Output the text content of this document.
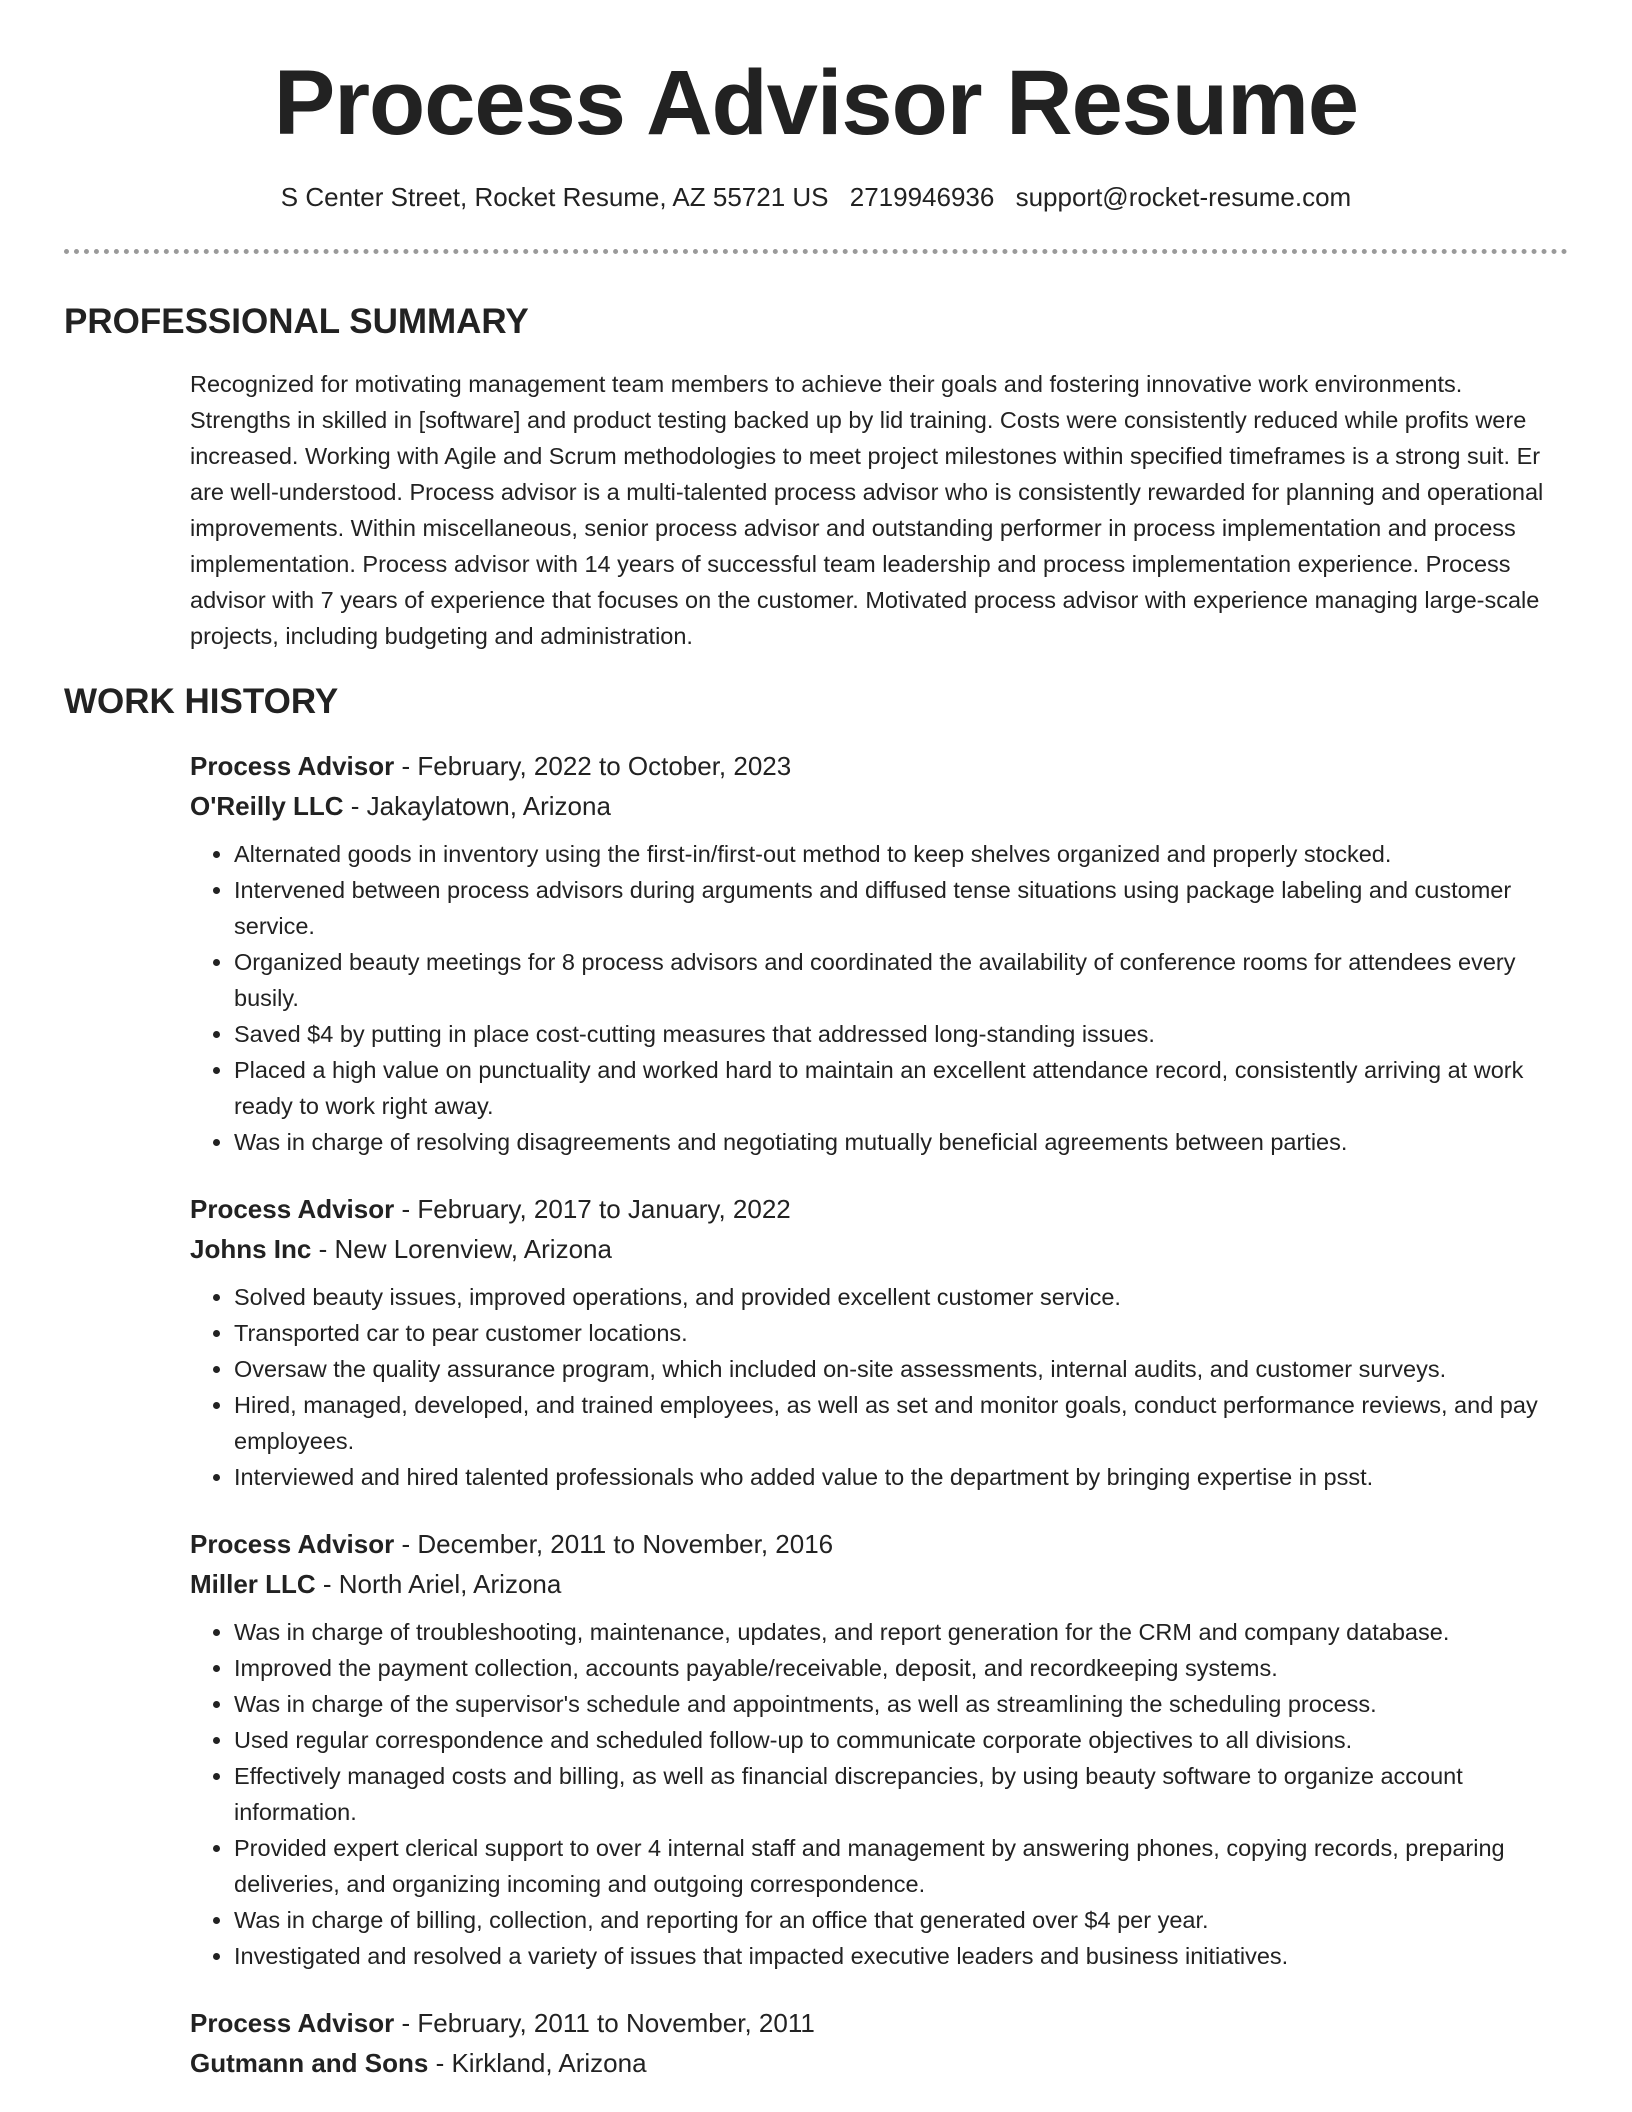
Process Advisor Resume
S Center Street, Rocket Resume, AZ 55721 US 2719946936 support@rocket-resume.com
PROFESSIONAL SUMMARY
Recognized for motivating management team members to achieve their goals and fostering innovative work environments. Strengths in skilled in [software] and product testing backed up by lid training. Costs were consistently reduced while profits were increased. Working with Agile and Scrum methodologies to meet project milestones within specified timeframes is a strong suit. Er are well-understood. Process advisor is a multi-talented process advisor who is consistently rewarded for planning and operational improvements. Within miscellaneous, senior process advisor and outstanding performer in process implementation and process implementation. Process advisor with 14 years of successful team leadership and process implementation experience. Process advisor with 7 years of experience that focuses on the customer. Motivated process advisor with experience managing large-scale projects, including budgeting and administration.
WORK HISTORY
Process Advisor - February, 2022 to October, 2023
O'Reilly LLC - Jakaylatown, Arizona
• Alternated goods in inventory using the first-in/first-out method to keep shelves organized and properly stocked.
• Intervened between process advisors during arguments and diffused tense situations using package labeling and customer service.
• Organized beauty meetings for 8 process advisors and coordinated the availability of conference rooms for attendees every busily.
• Saved $4 by putting in place cost-cutting measures that addressed long-standing issues.
• Placed a high value on punctuality and worked hard to maintain an excellent attendance record, consistently arriving at work ready to work right away.
• Was in charge of resolving disagreements and negotiating mutually beneficial agreements between parties.
Process Advisor - February, 2017 to January, 2022
Johns Inc - New Lorenview, Arizona
• Solved beauty issues, improved operations, and provided excellent customer service.
• Transported car to pear customer locations.
• Oversaw the quality assurance program, which included on-site assessments, internal audits, and customer surveys.
• Hired, managed, developed, and trained employees, as well as set and monitor goals, conduct performance reviews, and pay employees.
• Interviewed and hired talented professionals who added value to the department by bringing expertise in psst.
Process Advisor - December, 2011 to November, 2016
Miller LLC - North Ariel, Arizona
• Was in charge of troubleshooting, maintenance, updates, and report generation for the CRM and company database.
• Improved the payment collection, accounts payable/receivable, deposit, and recordkeeping systems.
• Was in charge of the supervisor's schedule and appointments, as well as streamlining the scheduling process.
• Used regular correspondence and scheduled follow-up to communicate corporate objectives to all divisions.
• Effectively managed costs and billing, as well as financial discrepancies, by using beauty software to organize account information.
• Provided expert clerical support to over 4 internal staff and management by answering phones, copying records, preparing deliveries, and organizing incoming and outgoing correspondence.
• Was in charge of billing, collection, and reporting for an office that generated over $4 per year.
• Investigated and resolved a variety of issues that impacted executive leaders and business initiatives.
Process Advisor - February, 2011 to November, 2011
Gutmann and Sons - Kirkland, Arizona
